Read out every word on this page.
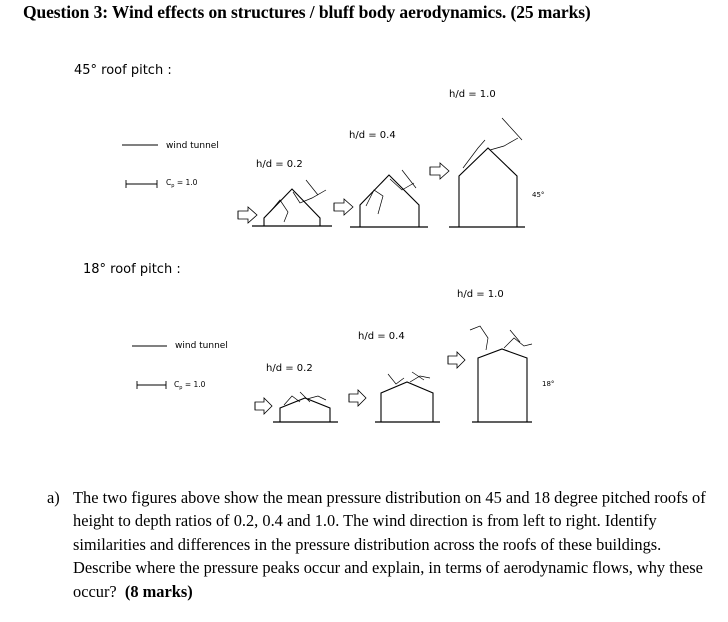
Question 3: Wind effects on structures / bluff body aerodynamics. (25 marks)
45° roof pitch :
wind tunnel
$C_p = 1.0$
h/d = 0.2
h/d = 0.4
h/d = 1.0
45°
18° roof pitch :
wind tunnel
$C_p = 1.0$
h/d = 0.2
h/d = 0.4
h/d = 1.0
18°
a) The two figures above show the mean pressure distribution on 45 and 18 degree pitched roofs of height to depth ratios of 0.2, 0.4 and 1.0. The wind direction is from left to right. Identify similarities and differences in the pressure distribution across the roofs of these buildings. Describe where the pressure peaks occur and explain, in terms of aerodynamic flows, why these occur? (8 marks)
